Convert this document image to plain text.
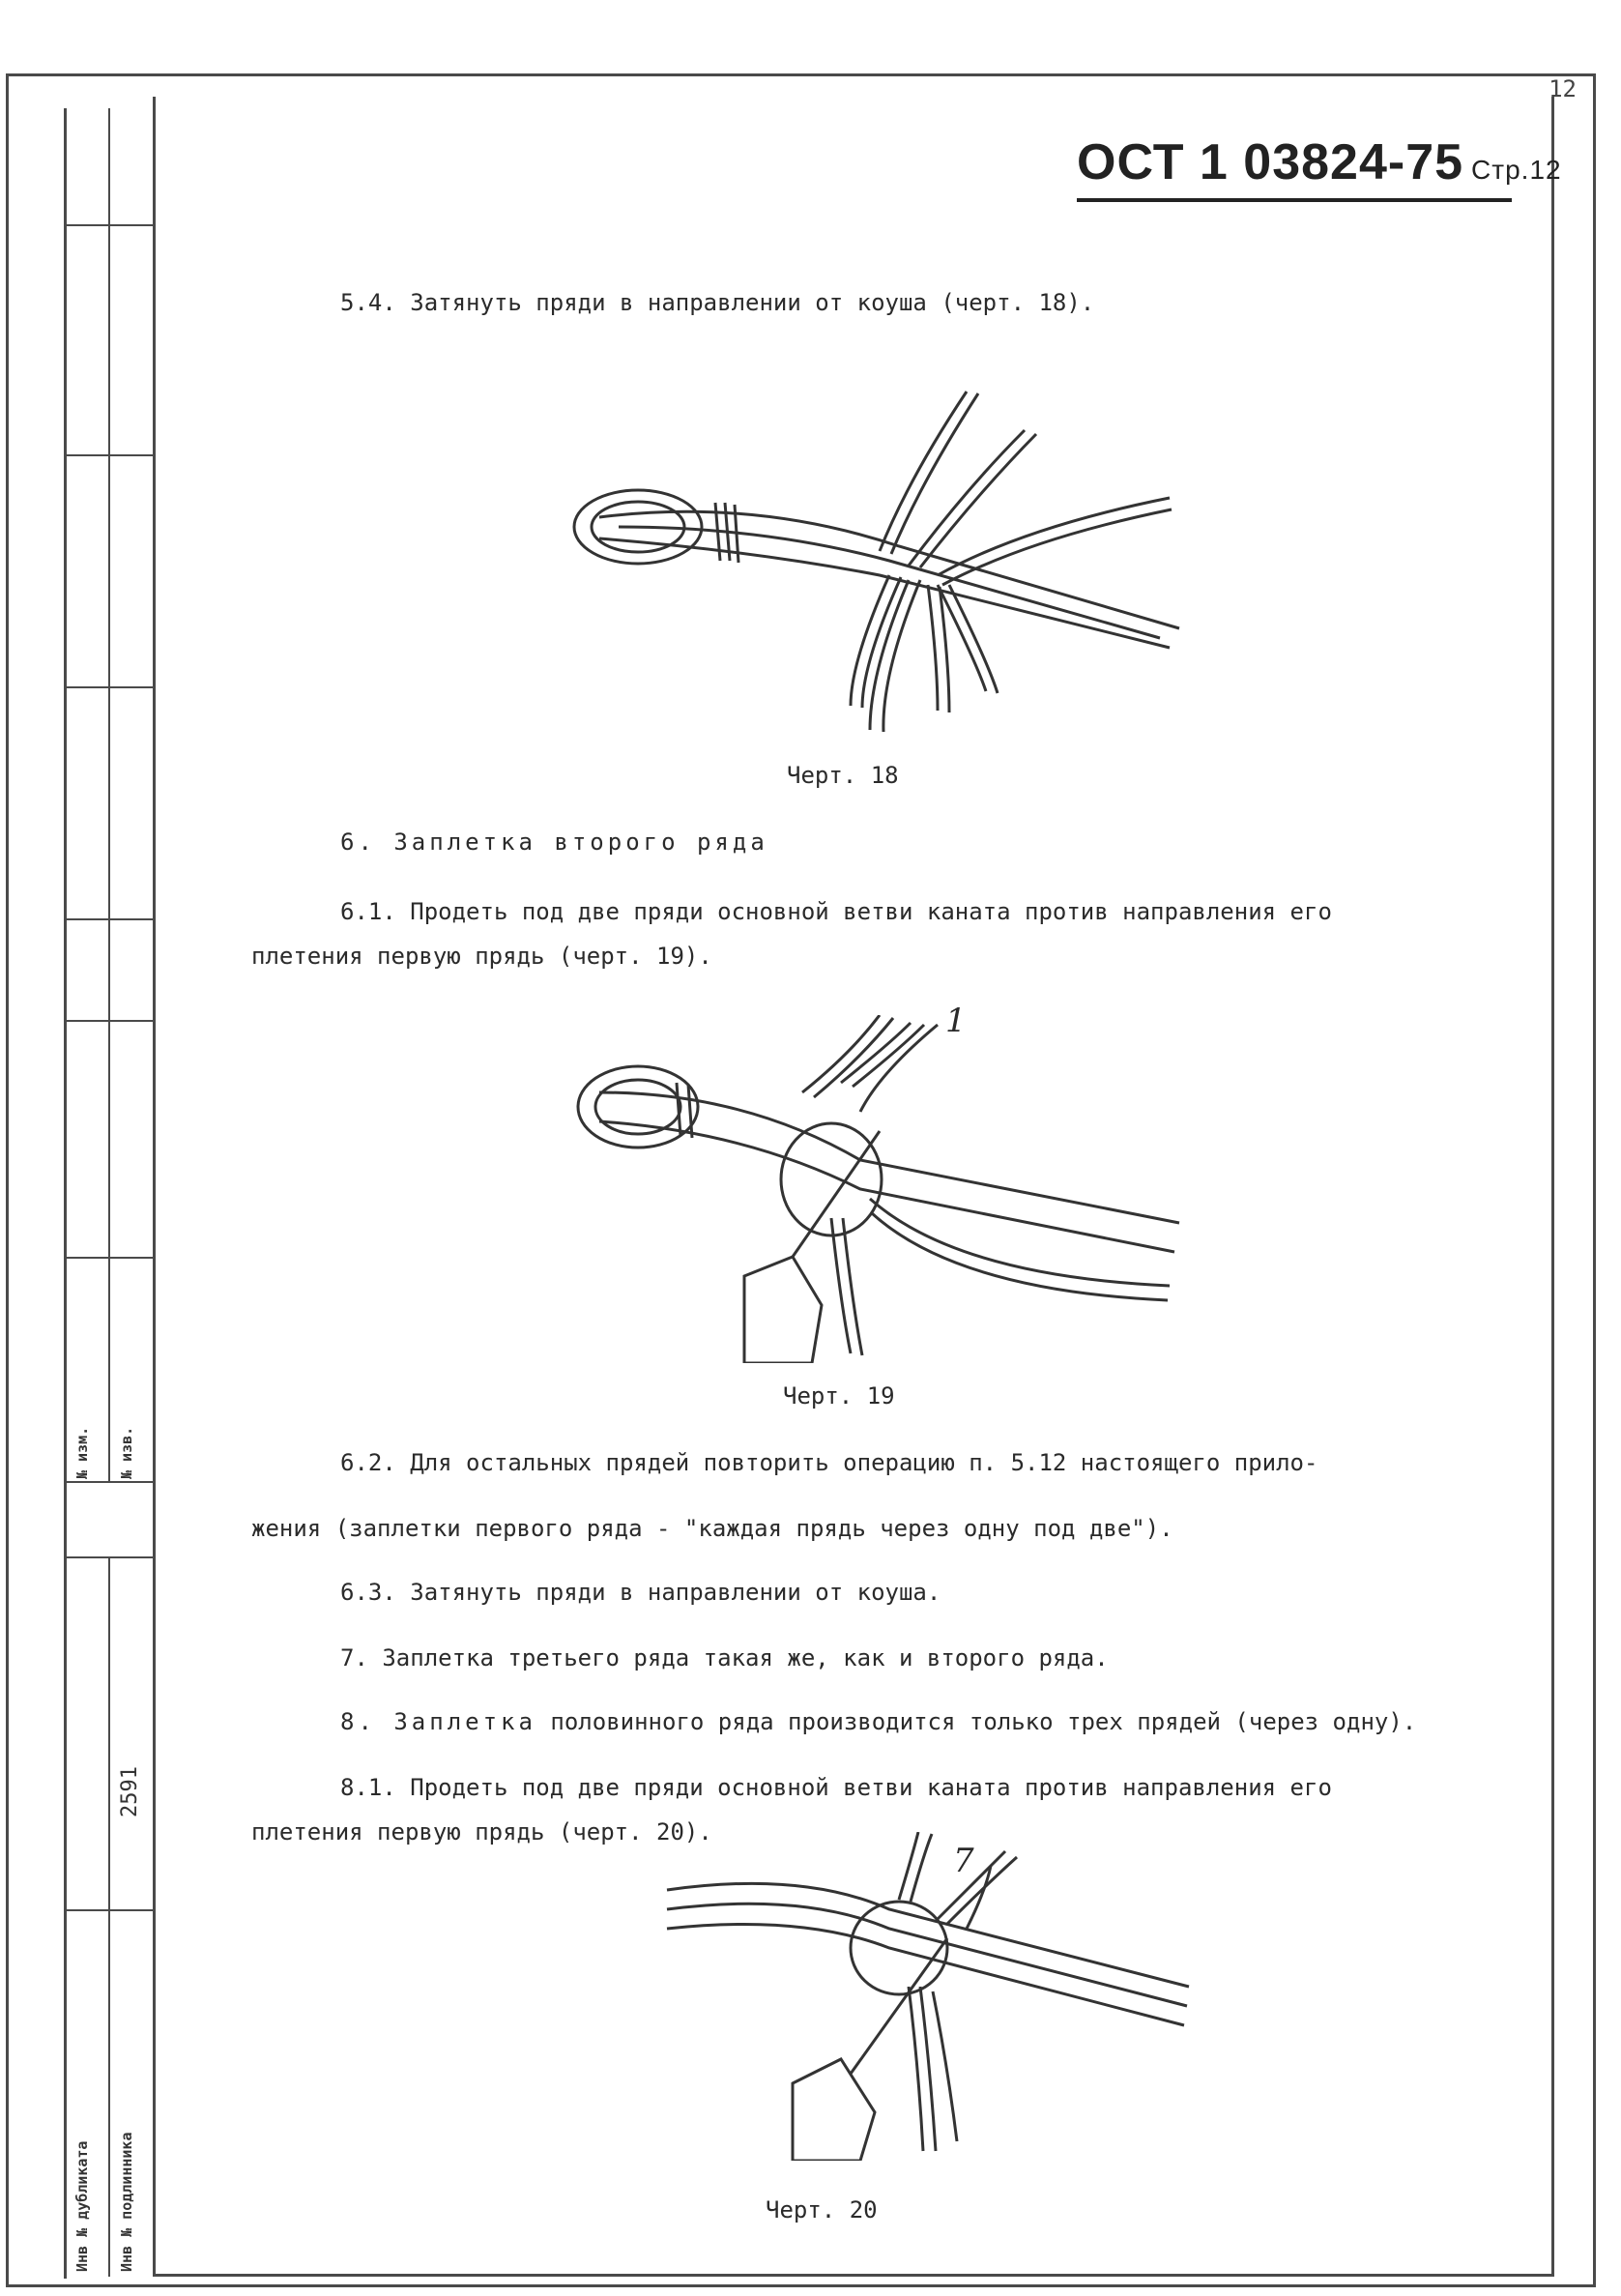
12
№ изм. № изв.
2591
Инв № дубликата Инв № подлинника
ОСТ 1 03824-75 Стр.12
5.4. Затянуть пряди в направлении от коуша (черт. 18).
Черт. 18
6. Заплетка второго ряда
6.1. Продеть под две пряди основной ветви каната против направления его
плетения первую прядь (черт. 19).
1
Черт. 19
6.2. Для остальных прядей повторить операцию п. 5.12 настоящего прило-
жения (заплетки первого ряда - "каждая прядь через одну под две").
6.3. Затянуть пряди в направлении от коуша.
7. Заплетка третьего ряда такая же, как и второго ряда.
8. Заплетка половинного ряда производится только трех прядей (через одну).
8.1. Продеть под две пряди основной ветви каната против направления его
плетения первую прядь (черт. 20).
7
Черт. 20
